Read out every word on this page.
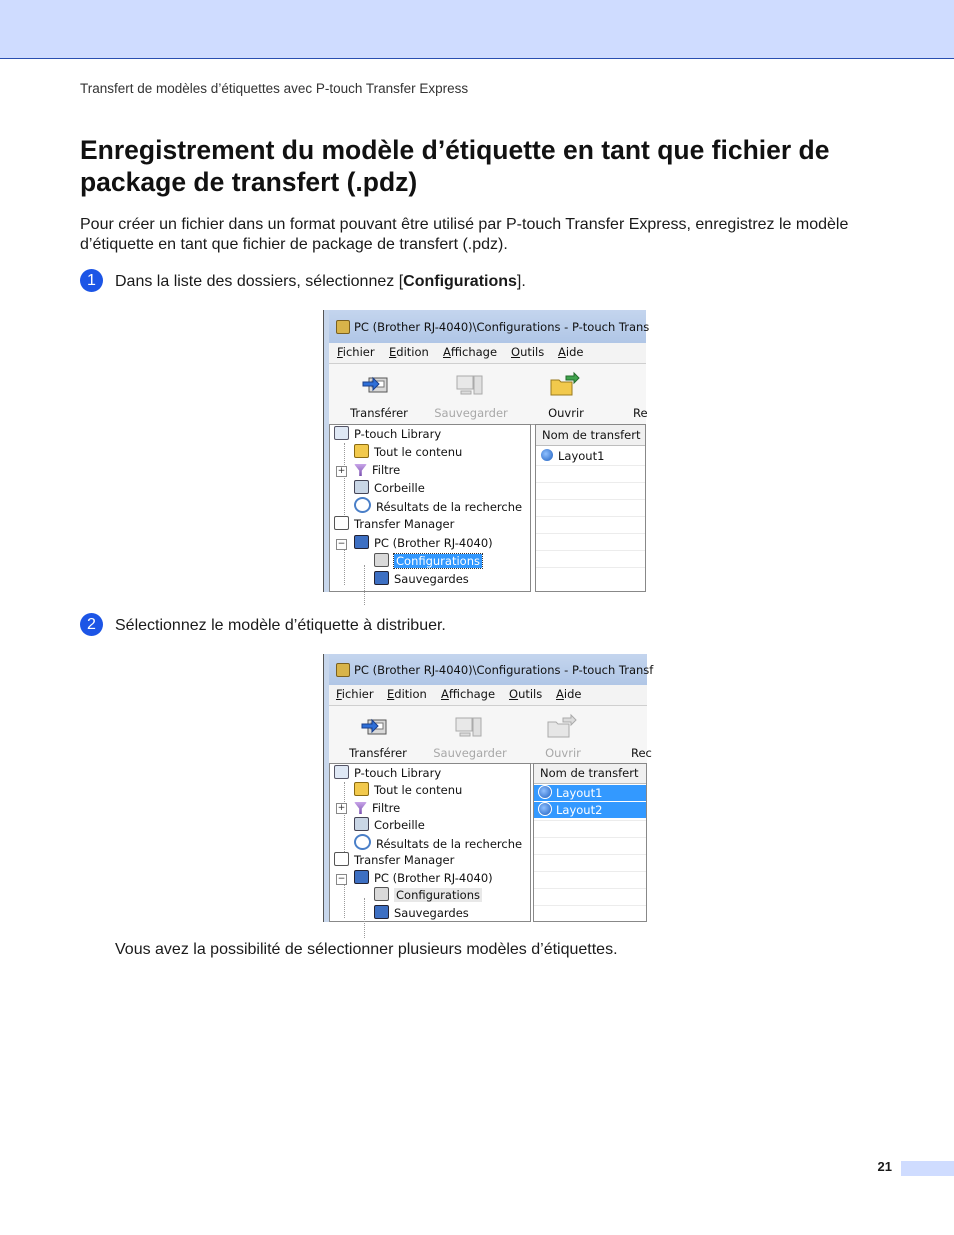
Transfert de modèles d’étiquettes avec P-touch Transfer Express
Enregistrement du modèle d’étiquette en tant que fichier de package de transfert (.pdz)

Pour créer un fichier dans un format pouvant être utilisé par P-touch Transfer Express, enregistrez le modèle d’étiquette en tant que fichier de package de transfert (.pdz).

1	Dans la liste des dossiers, sélectionnez [Configurations].
PC (Brother RJ-4040)\Configurations - P-touch Trans
Fichier Edition Affichage Outils Aide
Transférer	Sauvegarder	Ouvrir	Re
P-touch Library
Tout le contenu
+	Filtre
Corbeille
Résultats de la recherche
Transfer Manager
−	PC (Brother RJ-4040)
Configurations
Sauvegardes
Nom de transfert
Layout1
2	Sélectionnez le modèle d’étiquette à distribuer.
PC (Brother RJ-4040)\Configurations - P-touch Transf
Fichier Edition Affichage Outils Aide
Transférer	Sauvegarder	Ouvrir	Rec
P-touch Library
Tout le contenu
+	Filtre
Corbeille
Résultats de la recherche
Transfer Manager
−	PC (Brother RJ-4040)
Configurations
Sauvegardes
Nom de transfert
Layout1
Layout2
Vous avez la possibilité de sélectionner plusieurs modèles d’étiquettes.
21
